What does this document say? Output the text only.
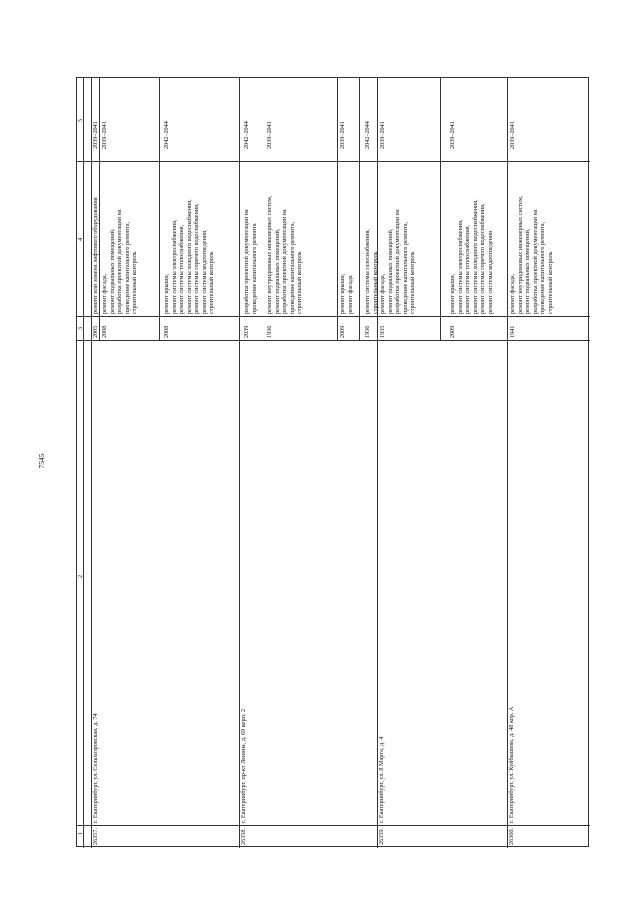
7545
1
2
3
4
5
26357.
г. Екатеринбург, ул. Сельхозровская, д. 74
2005
ремонт или замена лифтового оборудования
2039–2041
2008
ремонт фасада, ремонт подвальных помещений, разработка проектной документации на проведение капитального ремонта, строительный контроль
2039–2041
2008
ремонт крыши, ремонт системы электроснабжения, ремонт системы теплоснабжения, ремонт системы холодного водоснабжения, ремонт системы горячего водоснабжения, ремонт системы водоотведения, строительный контроль
2042–2044
2039
разработка проектной документации на проведение капитального ремонта
2042–2044
26358.
г. Екатеринбург, пр-кт Ленина, д. 69 корп. 2
1936
ремонт внутридомовых инженерных систем, ремонт подвальных помещений, разработка проектной документации на проведение капитального ремонта, строительный контроль
2039–2041
2009
ремонт крыши, ремонт фасада
2039–2041
1936
ремонт системы газоснабжения, строительный контроль
2042–2044
26359.
г. Екатеринбург, ул. 8 Марта, д. 4
1935
ремонт фасада, ремонт подвальных помещений, разработка проектной документации на проведение капитального ремонта, строительный контроль
2039–2041
2009
ремонт крыши, ремонт системы электроснабжения, ремонт системы теплоснабжения, ремонт системы холодного водоснабжения, ремонт системы горячего водоснабжения, ремонт системы водоотведения
2039–2041
26360.
г. Екатеринбург, ул. Куйбышева, д. 48 кор. А
1941
ремонт фасада, ремонт внутридомовых инженерных систем, ремонт подвальных помещений, разработка проектной документации на проведение капитального ремонта, строительный контроль
2039–2041
